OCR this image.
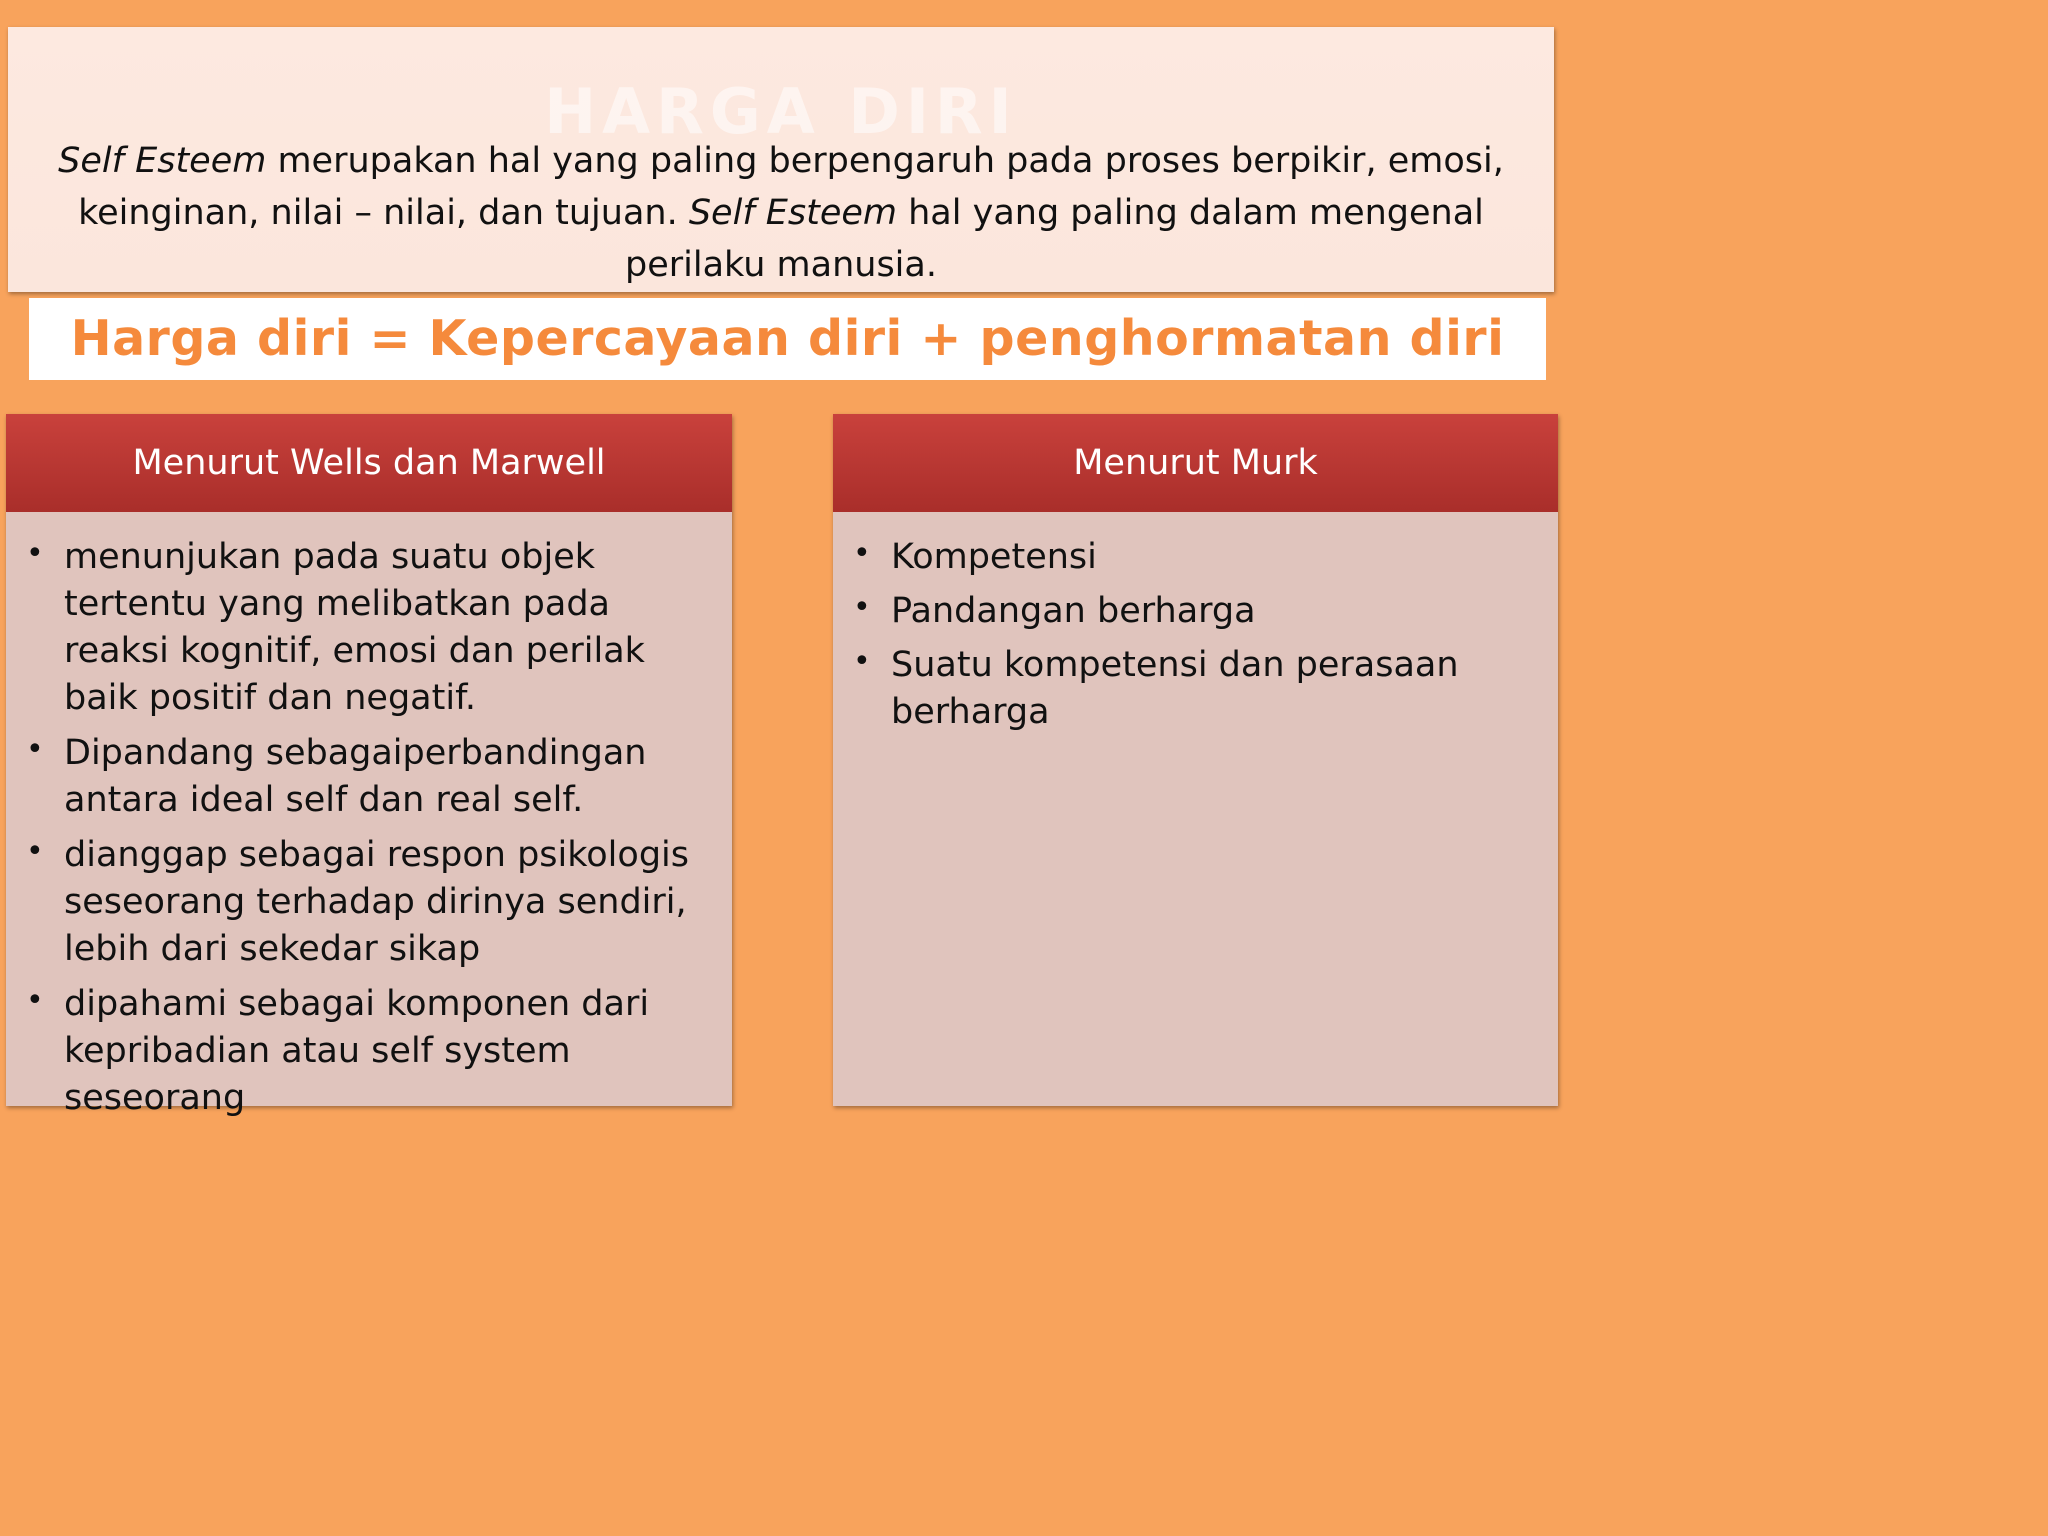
HARGA DIRI
Self Esteem merupakan hal yang paling berpengaruh pada proses berpikir, emosi, keinginan, nilai – nilai, dan tujuan. Self Esteem hal yang paling dalam mengenal perilaku manusia.
Harga diri = Kepercayaan diri + penghormatan diri
Menurut Wells dan Marwell
• menunjukan pada suatu objek tertentu yang melibatkan pada reaksi kognitif, emosi dan perilak baik positif dan negatif.
• Dipandang sebagaiperbandingan antara ideal self dan real self.
• dianggap sebagai respon psikologis seseorang terhadap dirinya sendiri, lebih dari sekedar sikap
• dipahami sebagai komponen dari kepribadian atau self system seseorang
Menurut Murk
• Kompetensi
• Pandangan berharga
• Suatu kompetensi dan perasaan berharga
